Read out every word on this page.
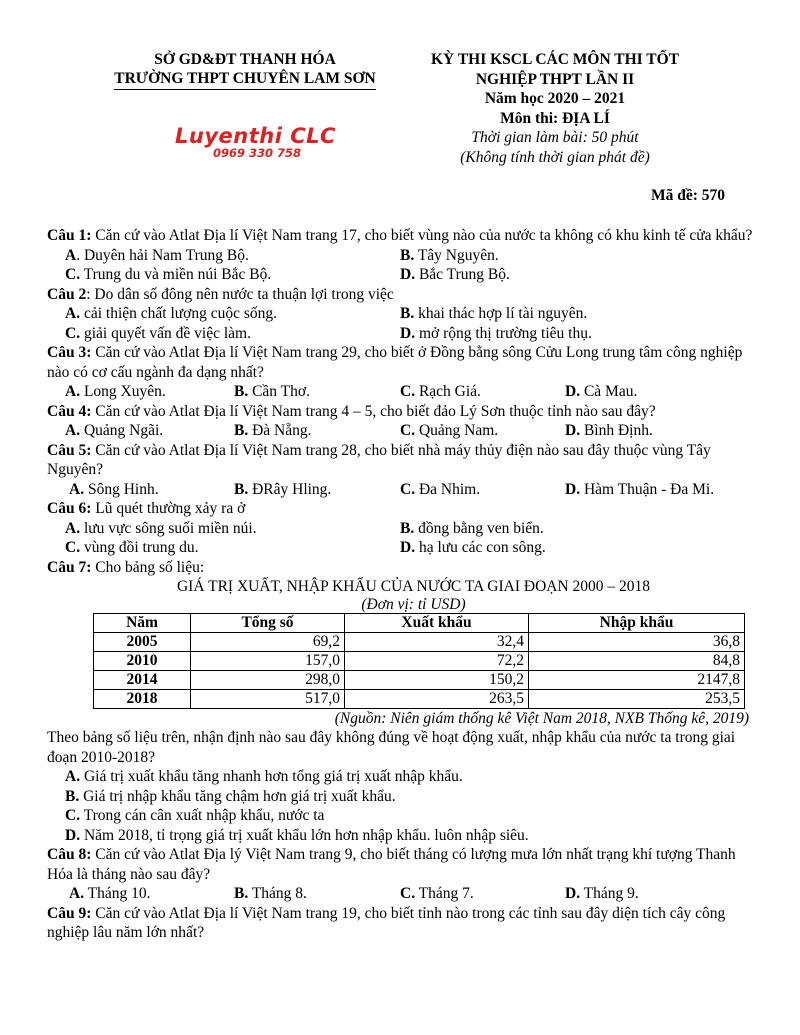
SỞ GD&ĐT THANH HÓA
TRƯỜNG THPT CHUYÊN LAM SƠN
KỲ THI KSCL CÁC MÔN THI TỐT
NGHIỆP THPT LẦN II
Năm học 2020 – 2021
Môn thi: ĐỊA LÍ
Thời gian làm bài: 50 phút
(Không tính thời gian phát đề)
Luyenthi CLC
0969 330 758
Mã đề: 570
Câu 1: Căn cứ vào Atlat Địa lí Việt Nam trang 17, cho biết vùng nào của nước ta không có khu kinh tế cửa khẩu?
A. Duyên hải Nam Trung Bộ.	B. Tây Nguyên.
C. Trung du và miền núi Bắc Bộ.	D. Bắc Trung Bộ.
Câu 2: Do dân số đông nên nước ta thuận lợi trong việc
A. cải thiện chất lượng cuộc sống.	B. khai thác hợp lí tài nguyên.
C. giải quyết vấn đề việc làm.	D. mở rộng thị trường tiêu thụ.
Câu 3: Căn cứ vào Atlat Địa lí Việt Nam trang 29, cho biết ở Đồng bằng sông Cửu Long trung tâm công nghiệp nào có cơ cấu ngành đa dạng nhất?
A. Long Xuyên.	B. Cần Thơ.	C. Rạch Giá.	D. Cà Mau.
Câu 4: Căn cứ vào Atlat Địa lí Việt Nam trang 4 – 5, cho biết đảo Lý Sơn thuộc tỉnh nào sau đây?
A. Quảng Ngãi.	B. Đà Nẵng.	C. Quảng Nam.	D. Bình Định.
Câu 5: Căn cứ vào Atlat Địa lí Việt Nam trang 28, cho biết nhà máy thủy điện nào sau đây thuộc vùng Tây Nguyên?
A. Sông Hinh.	B. ĐRây Hling.	C. Đa Nhim.	D. Hàm Thuận - Đa Mi.
Câu 6: Lũ quét thường xảy ra ở
A. lưu vực sông suối miền núi.	B. đồng bằng ven biển.
C. vùng đồi trung du.	D. hạ lưu các con sông.
Câu 7: Cho bảng số liệu:
GIÁ TRỊ XUẤT, NHẬP KHẨU CỦA NƯỚC TA GIAI ĐOẠN 2000 – 2018
(Đơn vị: tỉ USD)
Năm	Tổng số	Xuất khẩu	Nhập khẩu
2005	69,2	32,4	36,8
2010	157,0	72,2	84,8
2014	298,0	150,2	2147,8
2018	517,0	263,5	253,5
(Nguồn: Niên giám thống kê Việt Nam 2018, NXB Thống kê, 2019)
Theo bảng số liệu trên, nhận định nào sau đây không đúng về hoạt động xuất, nhập khẩu của nước ta trong giai đoạn 2010-2018?
A. Giá trị xuất khẩu tăng nhanh hơn tổng giá trị xuất nhập khẩu.
B. Giá trị nhập khẩu tăng chậm hơn giá trị xuất khẩu.
C. Trong cán cân xuất nhập khẩu, nước ta
D. Năm 2018, tỉ trọng giá trị xuất khẩu lớn hơn nhập khẩu. luôn nhập siêu.
Câu 8: Căn cứ vào Atlat Địa lý Việt Nam trang 9, cho biết tháng có lượng mưa lớn nhất trạng khí tượng Thanh Hóa là tháng nào sau đây?
A. Tháng 10.	B. Tháng 8.	C. Tháng 7.	D. Tháng 9.
Câu 9: Căn cứ vào Atlat Địa lí Việt Nam trang 19, cho biết tỉnh nào trong các tỉnh sau đây diện tích cây công nghiệp lâu năm lớn nhất?
